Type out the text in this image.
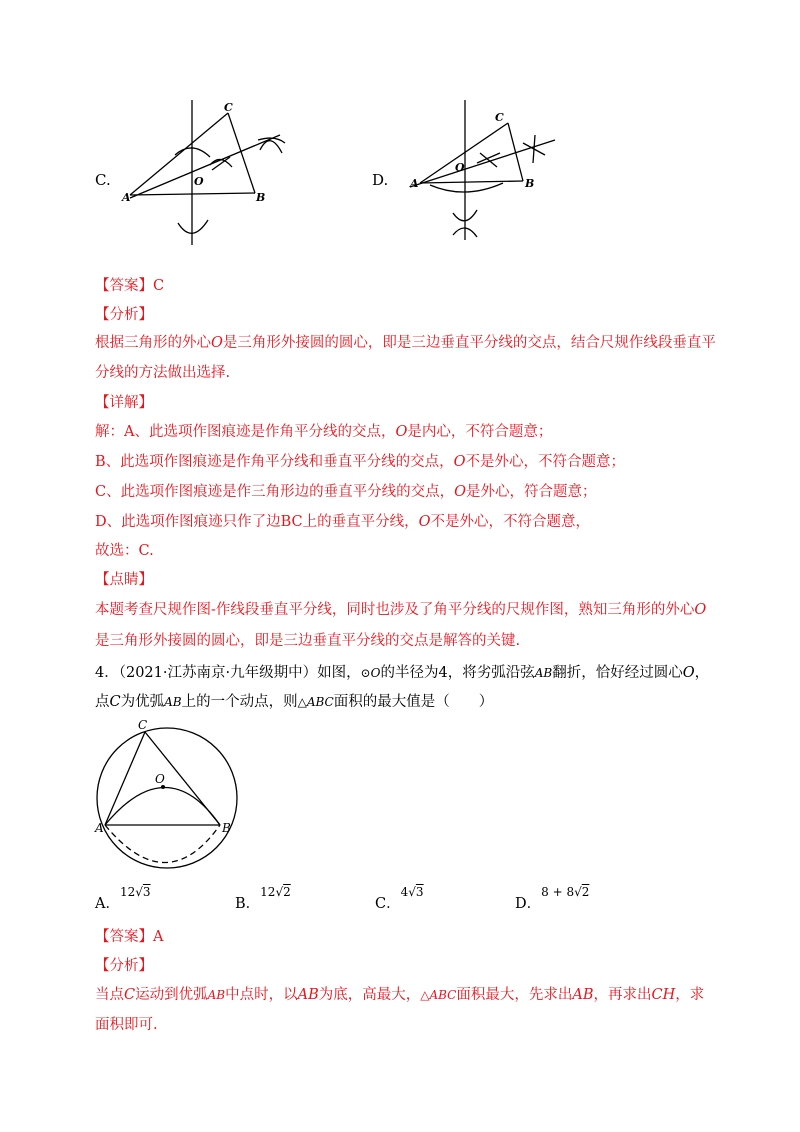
C.
A	B
C
O	D. A	B
C
O
【答案】C
【分析】
根据三角形的外心O是三角形外接圆的圆心，即是三边垂直平分线的交点，结合尺规作线段垂直平
分线的方法做出选择.
【详解】
解：A、此选项作图痕迹是作角平分线的交点，O是内心，不符合题意；
B、此选项作图痕迹是作角平分线和垂直平分线的交点，O不是外心，不符合题意；
C、此选项作图痕迹是作三角形边的垂直平分线的交点，O是外心，符合题意；
D、此选项作图痕迹只作了边BC上的垂直平分线，O不是外心，不符合题意，
故选：C.
【点睛】
本题考查尺规作图-作线段垂直平分线，同时也涉及了角平分线的尺规作图，熟知三角形的外心O
是三角形外接圆的圆心，即是三边垂直平分线的交点是解答的关键.
4．（2021·江苏南京·九年级期中）如图，⊙O的半径为4，将劣弧沿弦AB翻折，恰好经过圆心O，
点C为优弧AB上的一个动点，则△ABC面积的最大值是（　　）
A	B
C
O
A．12√3
B．12√2
C．4√3
D．8 + 8√2
【答案】A
【分析】
当点C运动到优弧AB中点时，以AB为底，高最大，△ABC面积最大，先求出AB，再求出CH，求
面积即可.
